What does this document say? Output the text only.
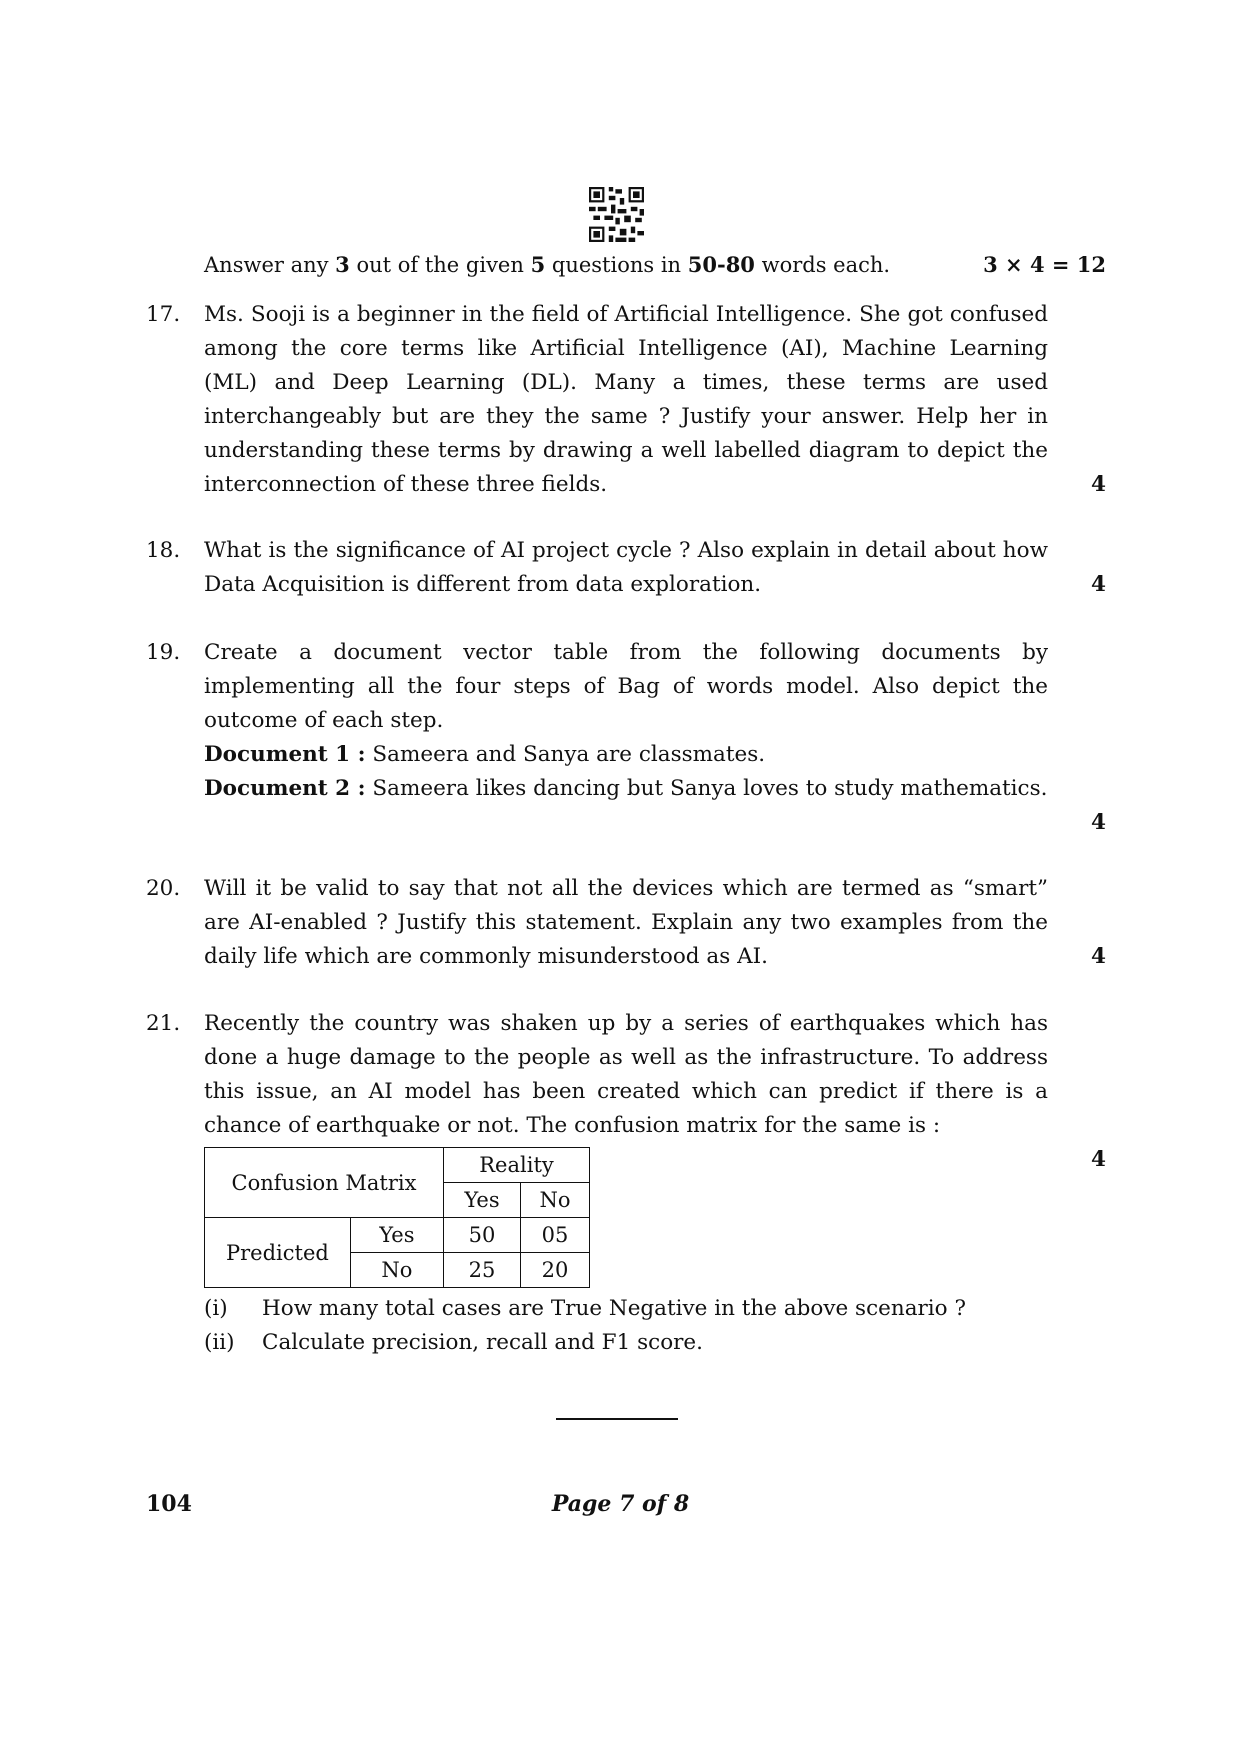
Answer any 3 out of the given 5 questions in 50-80 words each.	3 × 4 = 12
17. Ms. Sooji is a beginner in the field of Artificial Intelligence. She got confused among the core terms like Artificial Intelligence (AI), Machine Learning (ML) and Deep Learning (DL). Many a times, these terms are used interchangeably but are they the same ? Justify your answer. Help her in understanding these terms by drawing a well labelled diagram to depict the interconnection of these three fields.	4
18. What is the significance of AI project cycle ? Also explain in detail about how Data Acquisition is different from data exploration.	4
19. Create a document vector table from the following documents by implementing all the four steps of Bag of words model. Also depict the outcome of each step.

Document 1 : Sameera and Sanya are classmates.

Document 2 : Sameera likes dancing but Sanya loves to study mathematics.

4
20. Will it be valid to say that not all the devices which are termed as “smart” are AI-enabled ? Justify this statement. Explain any two examples from the daily life which are commonly misunderstood as AI.	4
21. Recently the country was shaken up by a series of earthquakes which has done a huge damage to the people as well as the infrastructure. To address this issue, an AI model has been created which can predict if there is a chance of earthquake or not. The confusion matrix for the same is :

Confusion Matrix		Reality	
		Yes	No
Predicted	Yes	50	05
	No	25	20
(i) How many total cases are True Negative in the above scenario ?
(ii) Calculate precision, recall and F1 score.
4
104	Page 7 of 8
